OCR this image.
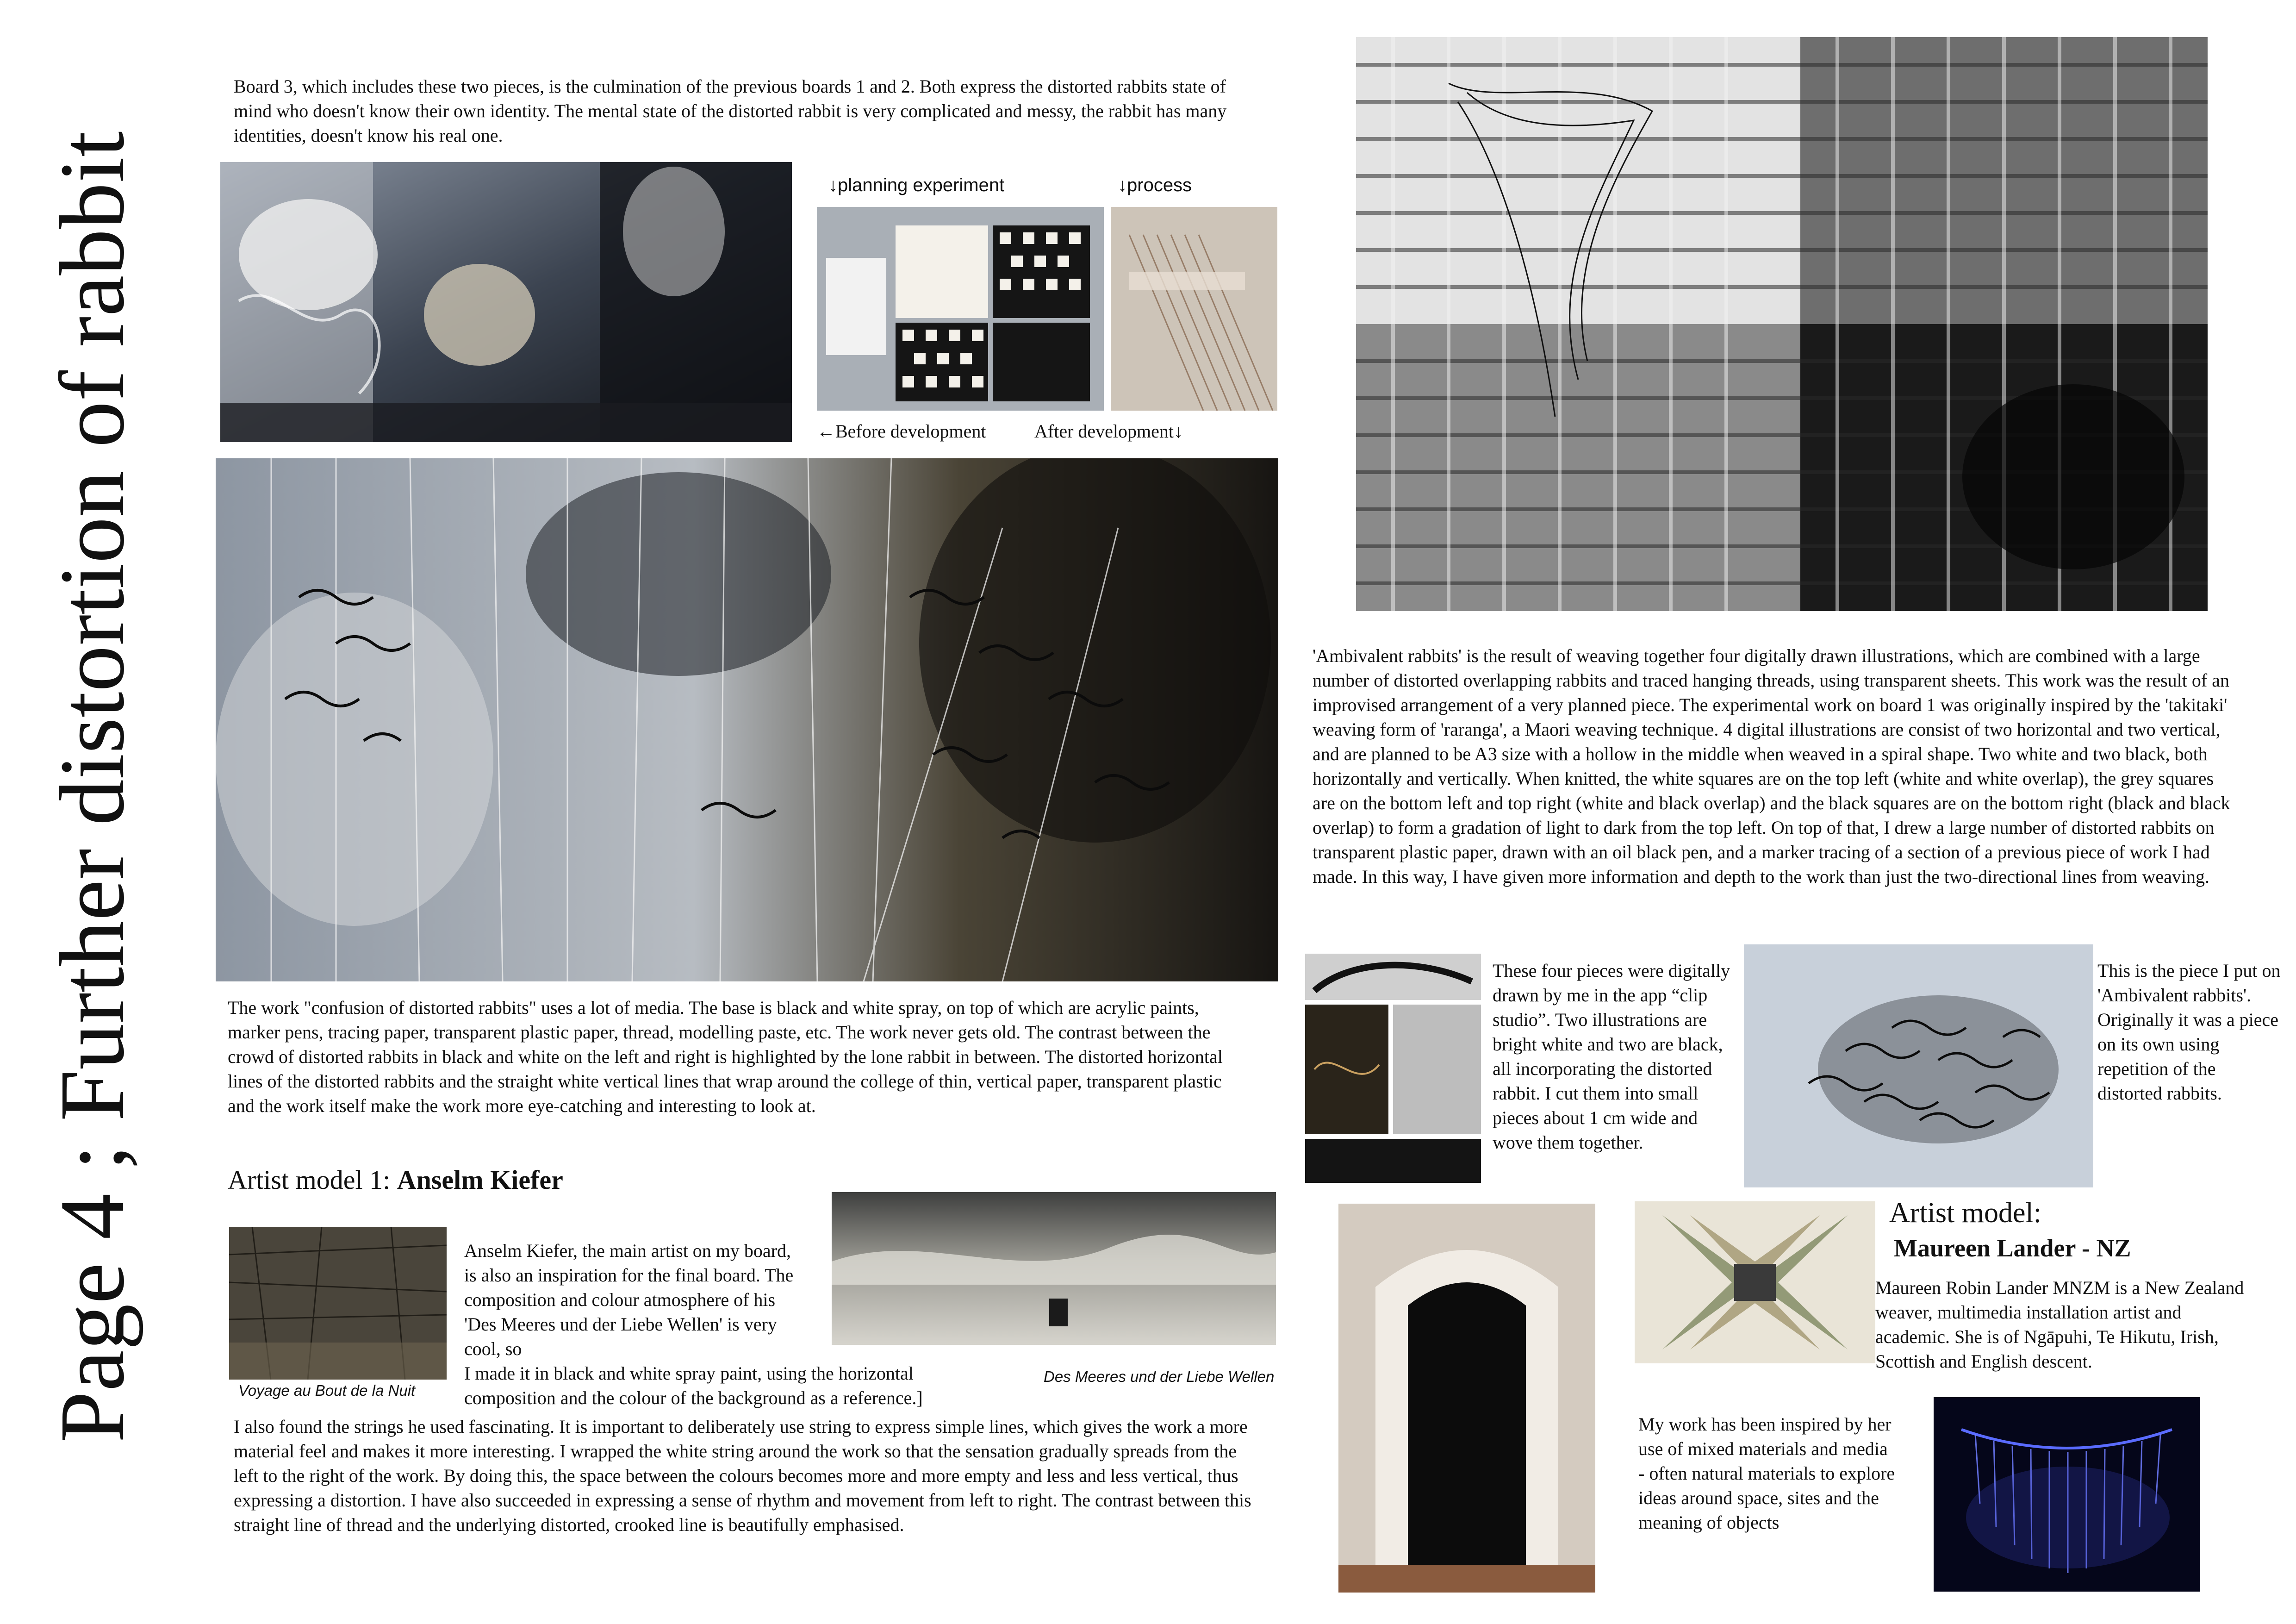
Page 4 ; Further distortion of rabbit

Board 3, which includes these two pieces, is the culmination of the previous boards 1 and 2. Both express the distorted rabbits state of mind who doesn't know their own identity. The mental state of the distorted rabbit is very complicated and messy, the rabbit has many identities, doesn't know his real one.

↓planning experiment	↓process
←Before development	After development↓

The work "confusion of distorted rabbits" uses a lot of media. The base is black and white spray, on top of which are acrylic paints, marker pens, tracing paper, transparent plastic paper, thread, modelling paste, etc. The work never gets old. The contrast between the crowd of distorted rabbits in black and white on the left and right is highlighted by the lone rabbit in between. The distorted horizontal lines of the distorted rabbits and the straight white vertical lines that wrap around the college of thin, vertical paper, transparent plastic and the work itself make the work more eye-catching and interesting to look at.

Artist model 1: Anselm Kiefer
Voyage au Bout de la Nuit

Anselm Kiefer, the main artist on my board, is also an inspiration for the final board. The composition and colour atmosphere of his 'Des Meeres und der Liebe Wellen' is very cool, so

I made it in black and white spray paint, using the horizontal composition and the colour of the background as a reference.]

Des Meeres und der Liebe Wellen

I also found the strings he used fascinating. It is important to deliberately use string to express simple lines, which gives the work a more material feel and makes it more interesting. I wrapped the white string around the work so that the sensation gradually spreads from the left to the right of the work. By doing this, the space between the colours becomes more and more empty and less and less vertical, thus expressing a distortion. I have also succeeded in expressing a sense of rhythm and movement from left to right. The contrast between this straight line of thread and the underlying distorted, crooked line is beautifully emphasised.

'Ambivalent rabbits' is the result of weaving together four digitally drawn illustrations, which are combined with a large number of distorted overlapping rabbits and traced hanging threads, using transparent sheets. This work was the result of an improvised arrangement of a very planned piece. The experimental work on board 1 was originally inspired by the 'takitaki' weaving form of 'raranga', a Maori weaving technique. 4 digital illustrations are consist of two horizontal and two vertical, and are planned to be A3 size with a hollow in the middle when weaved in a spiral shape. Two white and two black, both horizontally and vertically. When knitted, the white squares are on the top left (white and white overlap), the grey squares are on the bottom left and top right (white and black overlap) and the black squares are on the bottom right (black and black overlap) to form a gradation of light to dark from the top left. On top of that, I drew a large number of distorted rabbits on transparent plastic paper, drawn with an oil black pen, and a marker tracing of a section of a previous piece of work I had made. In this way, I have given more information and depth to the work than just the two-directional lines from weaving.

These four pieces were digitally drawn by me in the app “clip studio”. Two illustrations are bright white and two are black, all incorporating the distorted rabbit. I cut them into small pieces about 1 cm wide and wove them together.

This is the piece I put on 'Ambivalent rabbits'. Originally it was a piece on its own using repetition of the distorted rabbits.

Artist model:
Maureen Lander - NZ

Maureen Robin Lander MNZM is a New Zealand weaver, multimedia installation artist and academic. She is of Ngāpuhi, Te Hikutu, Irish, Scottish and English descent.

My work has been inspired by her use of mixed materials and media - often natural materials to explore ideas around space, sites and the meaning of objects
